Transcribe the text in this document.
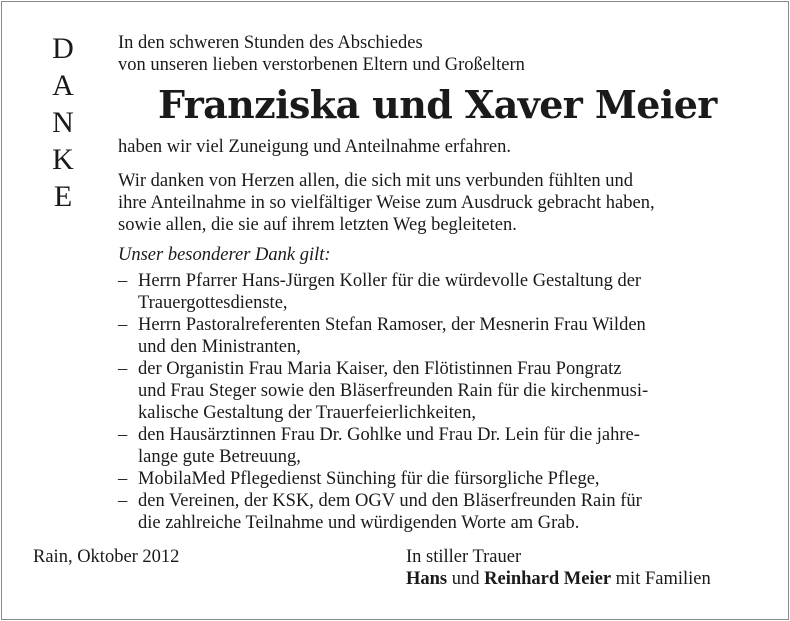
D
A
N
K
E
In den schweren Stunden des Abschiedes
von unseren lieben verstorbenen Eltern und Großeltern
Franziska und Xaver Meier
haben wir viel Zuneigung und Anteilnahme erfahren.
Wir danken von Herzen allen, die sich mit uns verbunden fühlten und
ihre Anteilnahme in so vielfältiger Weise zum Ausdruck gebracht haben,
sowie allen, die sie auf ihrem letzten Weg begleiteten.
Unser besonderer Dank gilt:
– Herrn Pfarrer Hans-Jürgen Koller für die würdevolle Gestaltung der
Trauergottesdienste,
– Herrn Pastoralreferenten Stefan Ramoser, der Mesnerin Frau Wilden
und den Ministranten,
– der Organistin Frau Maria Kaiser, den Flötistinnen Frau Pongratz
und Frau Steger sowie den Bläserfreunden Rain für die kirchenmusi-
kalische Gestaltung der Trauerfeierlichkeiten,
– den Hausärztinnen Frau Dr. Gohlke und Frau Dr. Lein für die jahre-
lange gute Betreuung,
– MobilaMed Pflegedienst Sünching für die fürsorgliche Pflege,
– den Vereinen, der KSK, dem OGV und den Bläserfreunden Rain für
die zahlreiche Teilnahme und würdigenden Worte am Grab.
Rain, Oktober 2012	In stiller Trauer
Hans und Reinhard Meier mit Familien
